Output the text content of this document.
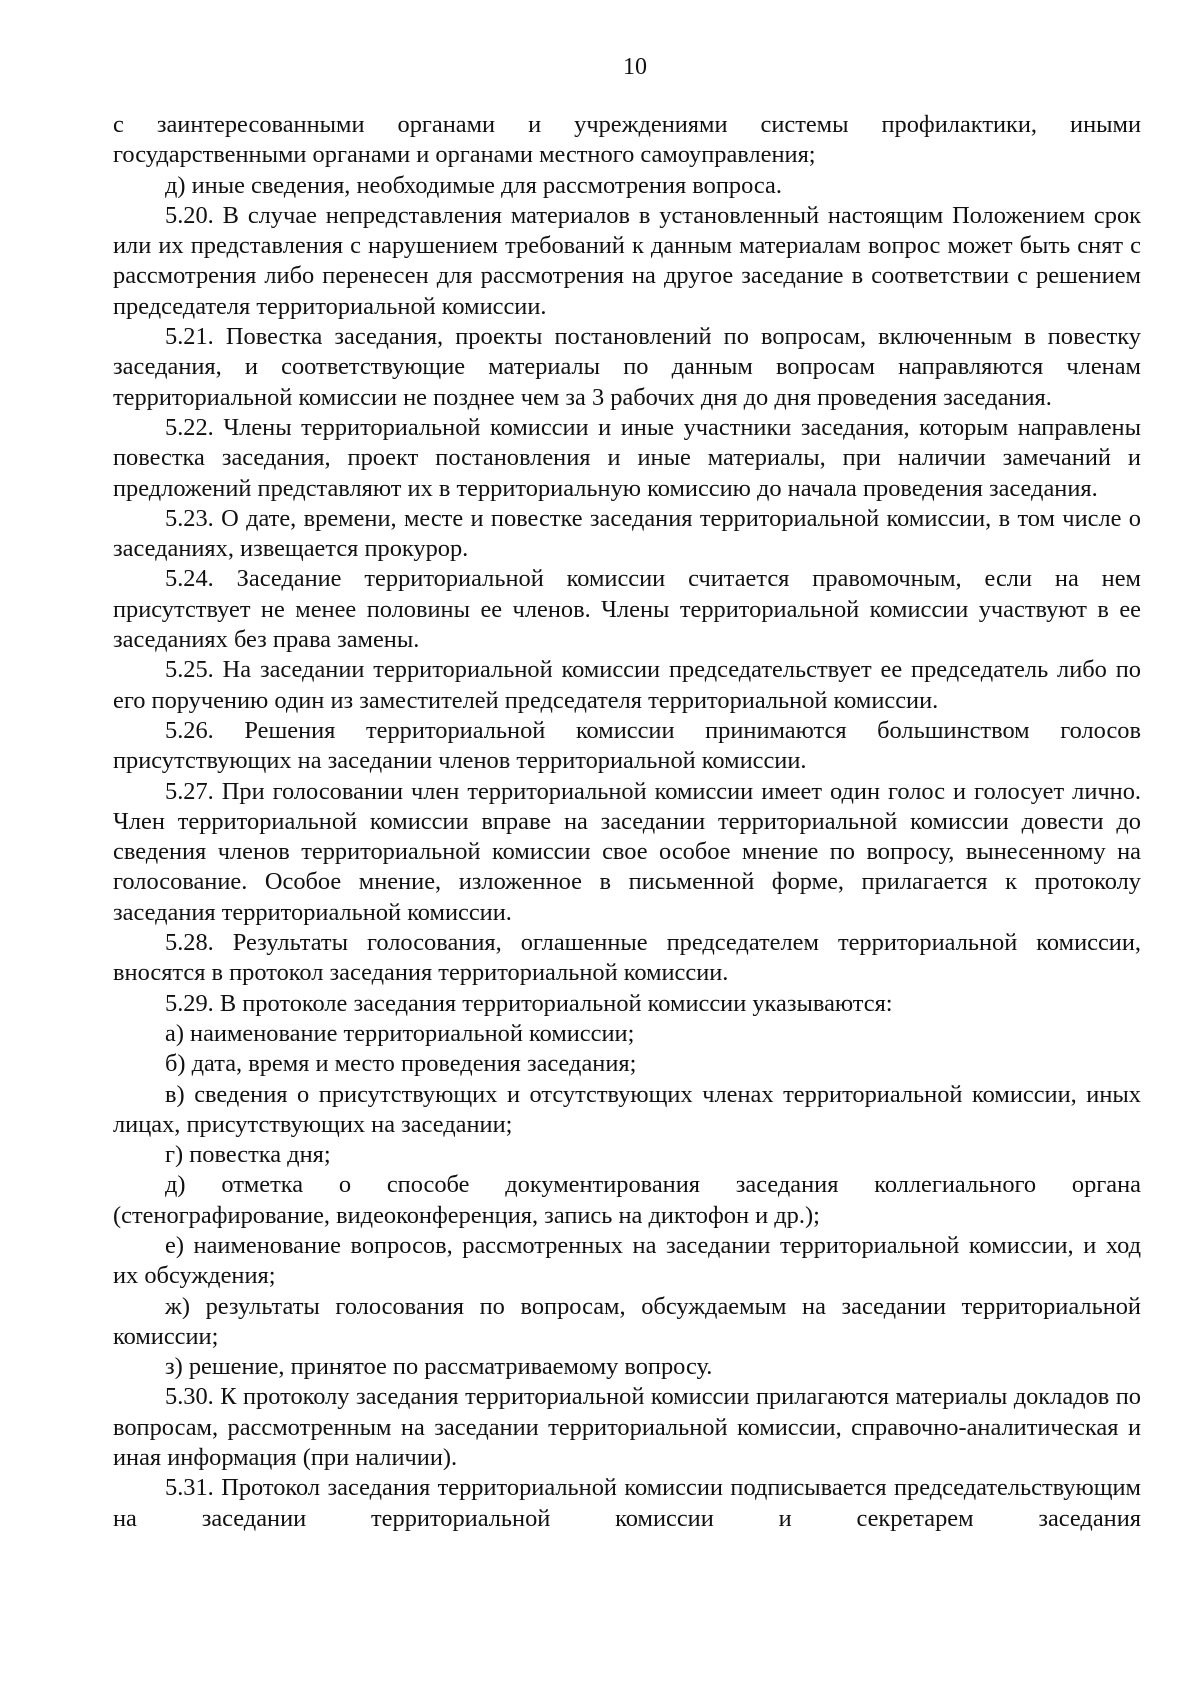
10

с заинтересованными органами и учреждениями системы профилактики, иными государственными органами и органами местного самоуправления;

д) иные сведения, необходимые для рассмотрения вопроса.

5.20. В случае непредставления материалов в установленный настоящим Положением срок или их представления с нарушением требований к данным материалам вопрос может быть снят с рассмотрения либо перенесен для рассмотрения на другое заседание в соответствии с решением председателя территориальной комиссии.

5.21. Повестка заседания, проекты постановлений по вопросам, включенным в повестку заседания, и соответствующие материалы по данным вопросам направляются членам территориальной комиссии не позднее чем за 3 рабочих дня до дня проведения заседания.

5.22. Члены территориальной комиссии и иные участники заседания, которым направлены повестка заседания, проект постановления и иные материалы, при наличии замечаний и предложений представляют их в территориальную комиссию до начала проведения заседания.

5.23. О дате, времени, месте и повестке заседания территориальной комиссии, в том числе о заседаниях, извещается прокурор.

5.24. Заседание территориальной комиссии считается правомочным, если на нем присутствует не менее половины ее членов. Члены территориальной комиссии участвуют в ее заседаниях без права замены.

5.25. На заседании территориальной комиссии председательствует ее председатель либо по его поручению один из заместителей председателя территориальной комиссии.

5.26. Решения территориальной комиссии принимаются большинством голосов присутствующих на заседании членов территориальной комиссии.

5.27. При голосовании член территориальной комиссии имеет один голос и голосует лично. Член территориальной комиссии вправе на заседании территориальной комиссии довести до сведения членов территориальной комиссии свое особое мнение по вопросу, вынесенному на голосование. Особое мнение, изложенное в письменной форме, прилагается к протоколу заседания территориальной комиссии.

5.28. Результаты голосования, оглашенные председателем территориальной комиссии, вносятся в протокол заседания территориальной комиссии.

5.29. В протоколе заседания территориальной комиссии указываются:

а) наименование территориальной комиссии;

б) дата, время и место проведения заседания;

в) сведения о присутствующих и отсутствующих членах территориальной комиссии, иных лицах, присутствующих на заседании;

г) повестка дня;

д) отметка о способе документирования заседания коллегиального органа (стенографирование, видеоконференция, запись на диктофон и др.);

е) наименование вопросов, рассмотренных на заседании территориальной комиссии, и ход их обсуждения;

ж) результаты голосования по вопросам, обсуждаемым на заседании территориальной комиссии;

з) решение, принятое по рассматриваемому вопросу.

5.30. К протоколу заседания территориальной комиссии прилагаются материалы докладов по вопросам, рассмотренным на заседании территориальной комиссии, справочно-аналитическая и иная информация (при наличии).

5.31. Протокол заседания территориальной комиссии подписывается председательствующим на заседании территориальной комиссии и секретарем заседания
